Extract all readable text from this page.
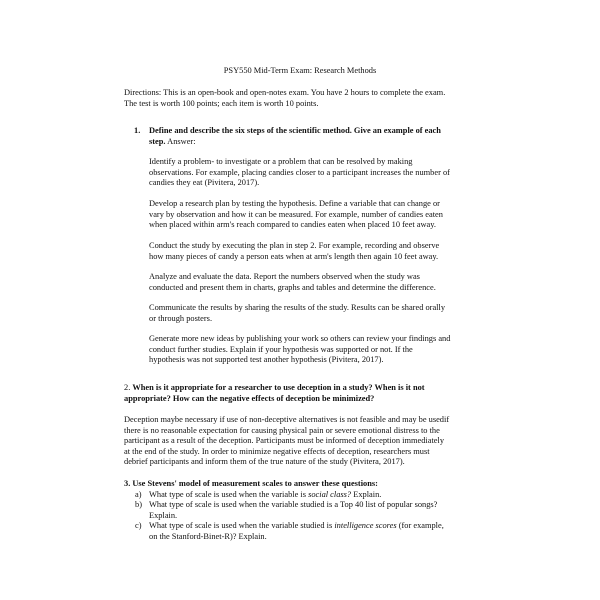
PSY550 Mid-Term Exam: Research Methods
Directions: This is an open-book and open-notes exam. You have 2 hours to complete the exam.
The test is worth 100 points; each item is worth 10 points.
1. Define and describe the six steps of the scientific method. Give an example of each
step. Answer:
Identify a problem- to investigate or a problem that can be resolved by making
observations. For example, placing candies closer to a participant increases the number of
candies they eat (Pivitera, 2017).
Develop a research plan by testing the hypothesis. Define a variable that can change or
vary by observation and how it can be measured. For example, number of candies eaten
when placed within arm's reach compared to candies eaten when placed 10 feet away.
Conduct the study by executing the plan in step 2. For example, recording and observe
how many pieces of candy a person eats when at arm's length then again 10 feet away.
Analyze and evaluate the data. Report the numbers observed when the study was
conducted and present them in charts, graphs and tables and determine the difference.
Communicate the results by sharing the results of the study. Results can be shared orally
or through posters.
Generate more new ideas by publishing your work so others can review your findings and
conduct further studies. Explain if your hypothesis was supported or not. If the
hypothesis was not supported test another hypothesis (Pivitera, 2017).
2. When is it appropriate for a researcher to use deception in a study? When is it not
appropriate? How can the negative effects of deception be minimized?
Deception maybe necessary if use of non-deceptive alternatives is not feasible and may be usedif
there is no reasonable expectation for causing physical pain or severe emotional distress to the
participant as a result of the deception. Participants must be informed of deception immediately
at the end of the study. In order to minimize negative effects of deception, researchers must
debrief participants and inform them of the true nature of the study (Pivitera, 2017).
3. Use Stevens' model of measurement scales to answer these questions:
a) What type of scale is used when the variable is social class? Explain.
b) What type of scale is used when the variable studied is a Top 40 list of popular songs?
Explain.
c) What type of scale is used when the variable studied is intelligence scores (for example,
on the Stanford-Binet-R)? Explain.
